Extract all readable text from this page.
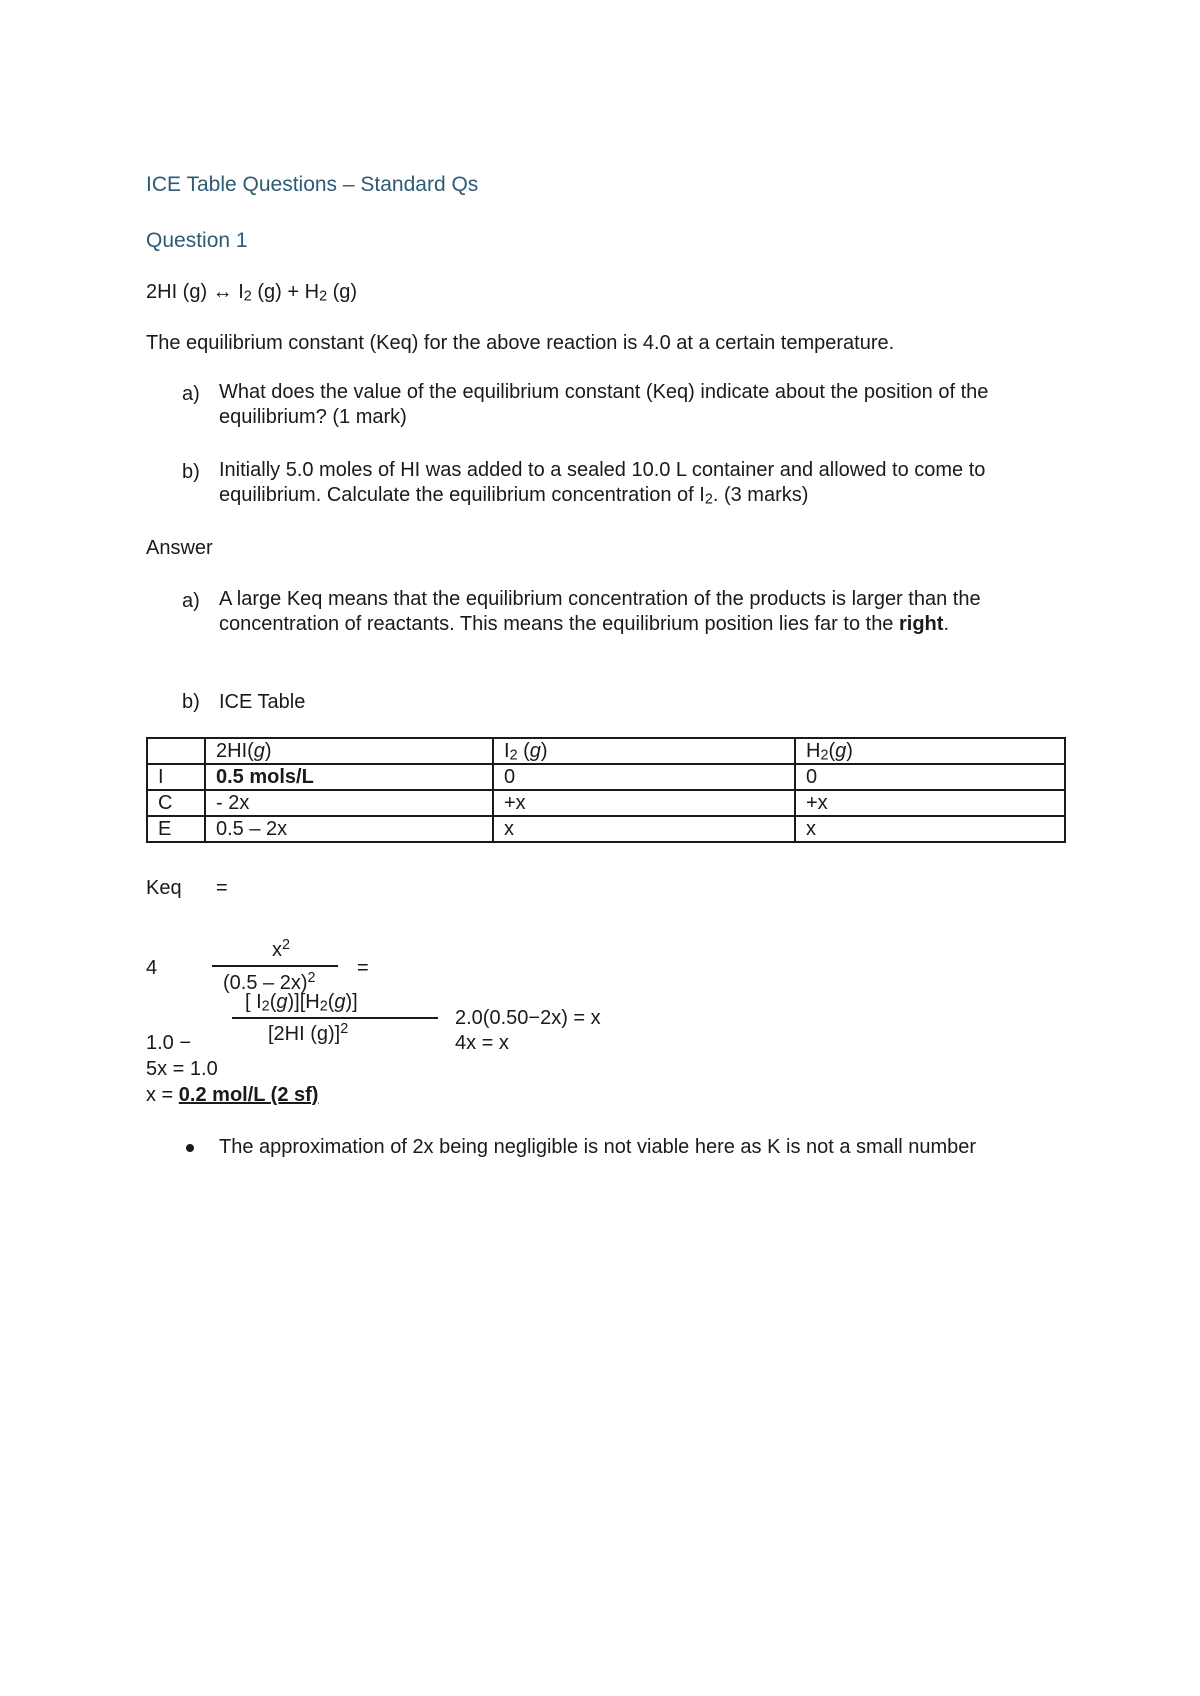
ICE Table Questions – Standard Qs
Question 1
2HI (g) ↔ $I_2$ $(g) + H_2$ (g)
The equilibrium constant (Keq) for the above reaction is 4.0 at a certain temperature.
a) What does the value of the equilibrium constant (Keq) indicate about the position of the equilibrium? (1 mark)
b) Initially 5.0 moles of HI was added to a sealed 10.0 L container and allowed to come to equilibrium. Calculate the equilibrium concentration of $I_2$. (3 marks)
Answer
a) A large Keq means that the equilibrium concentration of the products is larger than the concentration of reactants. This means the equilibrium position lies far to the right.
b) ICE Table
	2HI(g)	$I_2$ (g)	$H_2(g)$
I	0.5 mols/L	0	0
C	- 2x	+x	+x
E	0.5 – 2x	x	x
Keq =
4
$x^2$
(0.5 – 2x)$^2$ =
[ $I_2(g)][H_2(g)]$
[2HI (g)]$^2$	2.0(0.50−2x) = x
1.0 −	4x = x
5x = 1.0
x = 0.2 mol/L (2 sf)
The approximation of 2x being negligible is not viable here as K is not a small number
